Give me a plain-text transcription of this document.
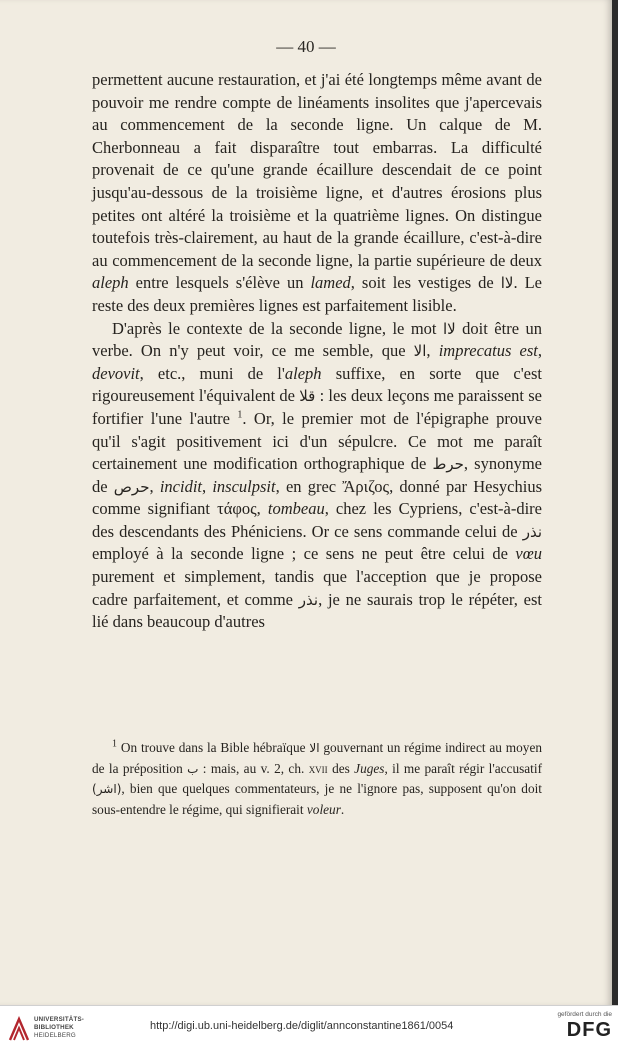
— 40 —

permettent aucune restauration, et j'ai été longtemps même avant de pouvoir me rendre compte de linéaments insolites que j'apercevais au commencement de la seconde ligne. Un calque de M. Cherbonneau a fait disparaître tout embarras. La difficulté provenait de ce qu'une grande écaillure descendait de ce point jusqu'au-dessous de la troisième ligne, et d'autres érosions plus petites ont altéré la troisième et la quatrième lignes. On distingue toutefois très-clairement, au haut de la grande écaillure, c'est-à-dire au commencement de la seconde ligne, la partie supérieure de deux aleph entre lesquels s'élève un lamed, soit les vestiges de ﻻا. Le reste des deux premières lignes est parfaitement lisible.

D'après le contexte de la seconde ligne, le mot ﻻا doit être un verbe. On n'y peut voir, ce me semble, que ﺍﻟﺎ, imprecatus est, devovit, etc., muni de l'aleph suffixe, en sorte que c'est rigoureusement l'équivalent de ﻗﻼ : les deux leçons me paraissent se fortifier l'une l'autre $^1$. Or, le premier mot de l'épigraphe prouve qu'il s'agit positivement ici d'un sépulcre. Ce mot me paraît certainement une modification orthographique de ﺣﺮﻁ, synonyme de ﺣﺮﺹ, incidit, insculpsit, en grec Ἄριζος, donné par Hesychius comme signifiant τάφος, tombeau, chez les Cypriens, c'est-à-dire des descendants des Phéniciens. Or ce sens commande celui de ﻧﺬﺭ employé à la seconde ligne ; ce sens ne peut être celui de vœu purement et simplement, tandis que l'acception que je propose cadre parfaitement, et comme ﻧﺬﺭ, je ne saurais trop le répéter, est lié dans beaucoup d'autres

$^1$ On trouve dans la Bible hébraïque ﺍﻟﺎ gouvernant un régime indirect au moyen de la préposition ب : mais, au v. 2, ch. xvii des Juges, il me paraît régir l'accusatif (ﺍﺷﺮ), bien que quelques commentateurs, je ne l'ignore pas, supposent qu'on doit sous-entendre le régime, qui signifierait voleur.

UNIVERSITÄTS-
BIBLIOTHEK
HEIDELBERG
http://digi.ub.uni-heidelberg.de/diglit/annconstantine1861/0054
gefördert durch die
DFG
